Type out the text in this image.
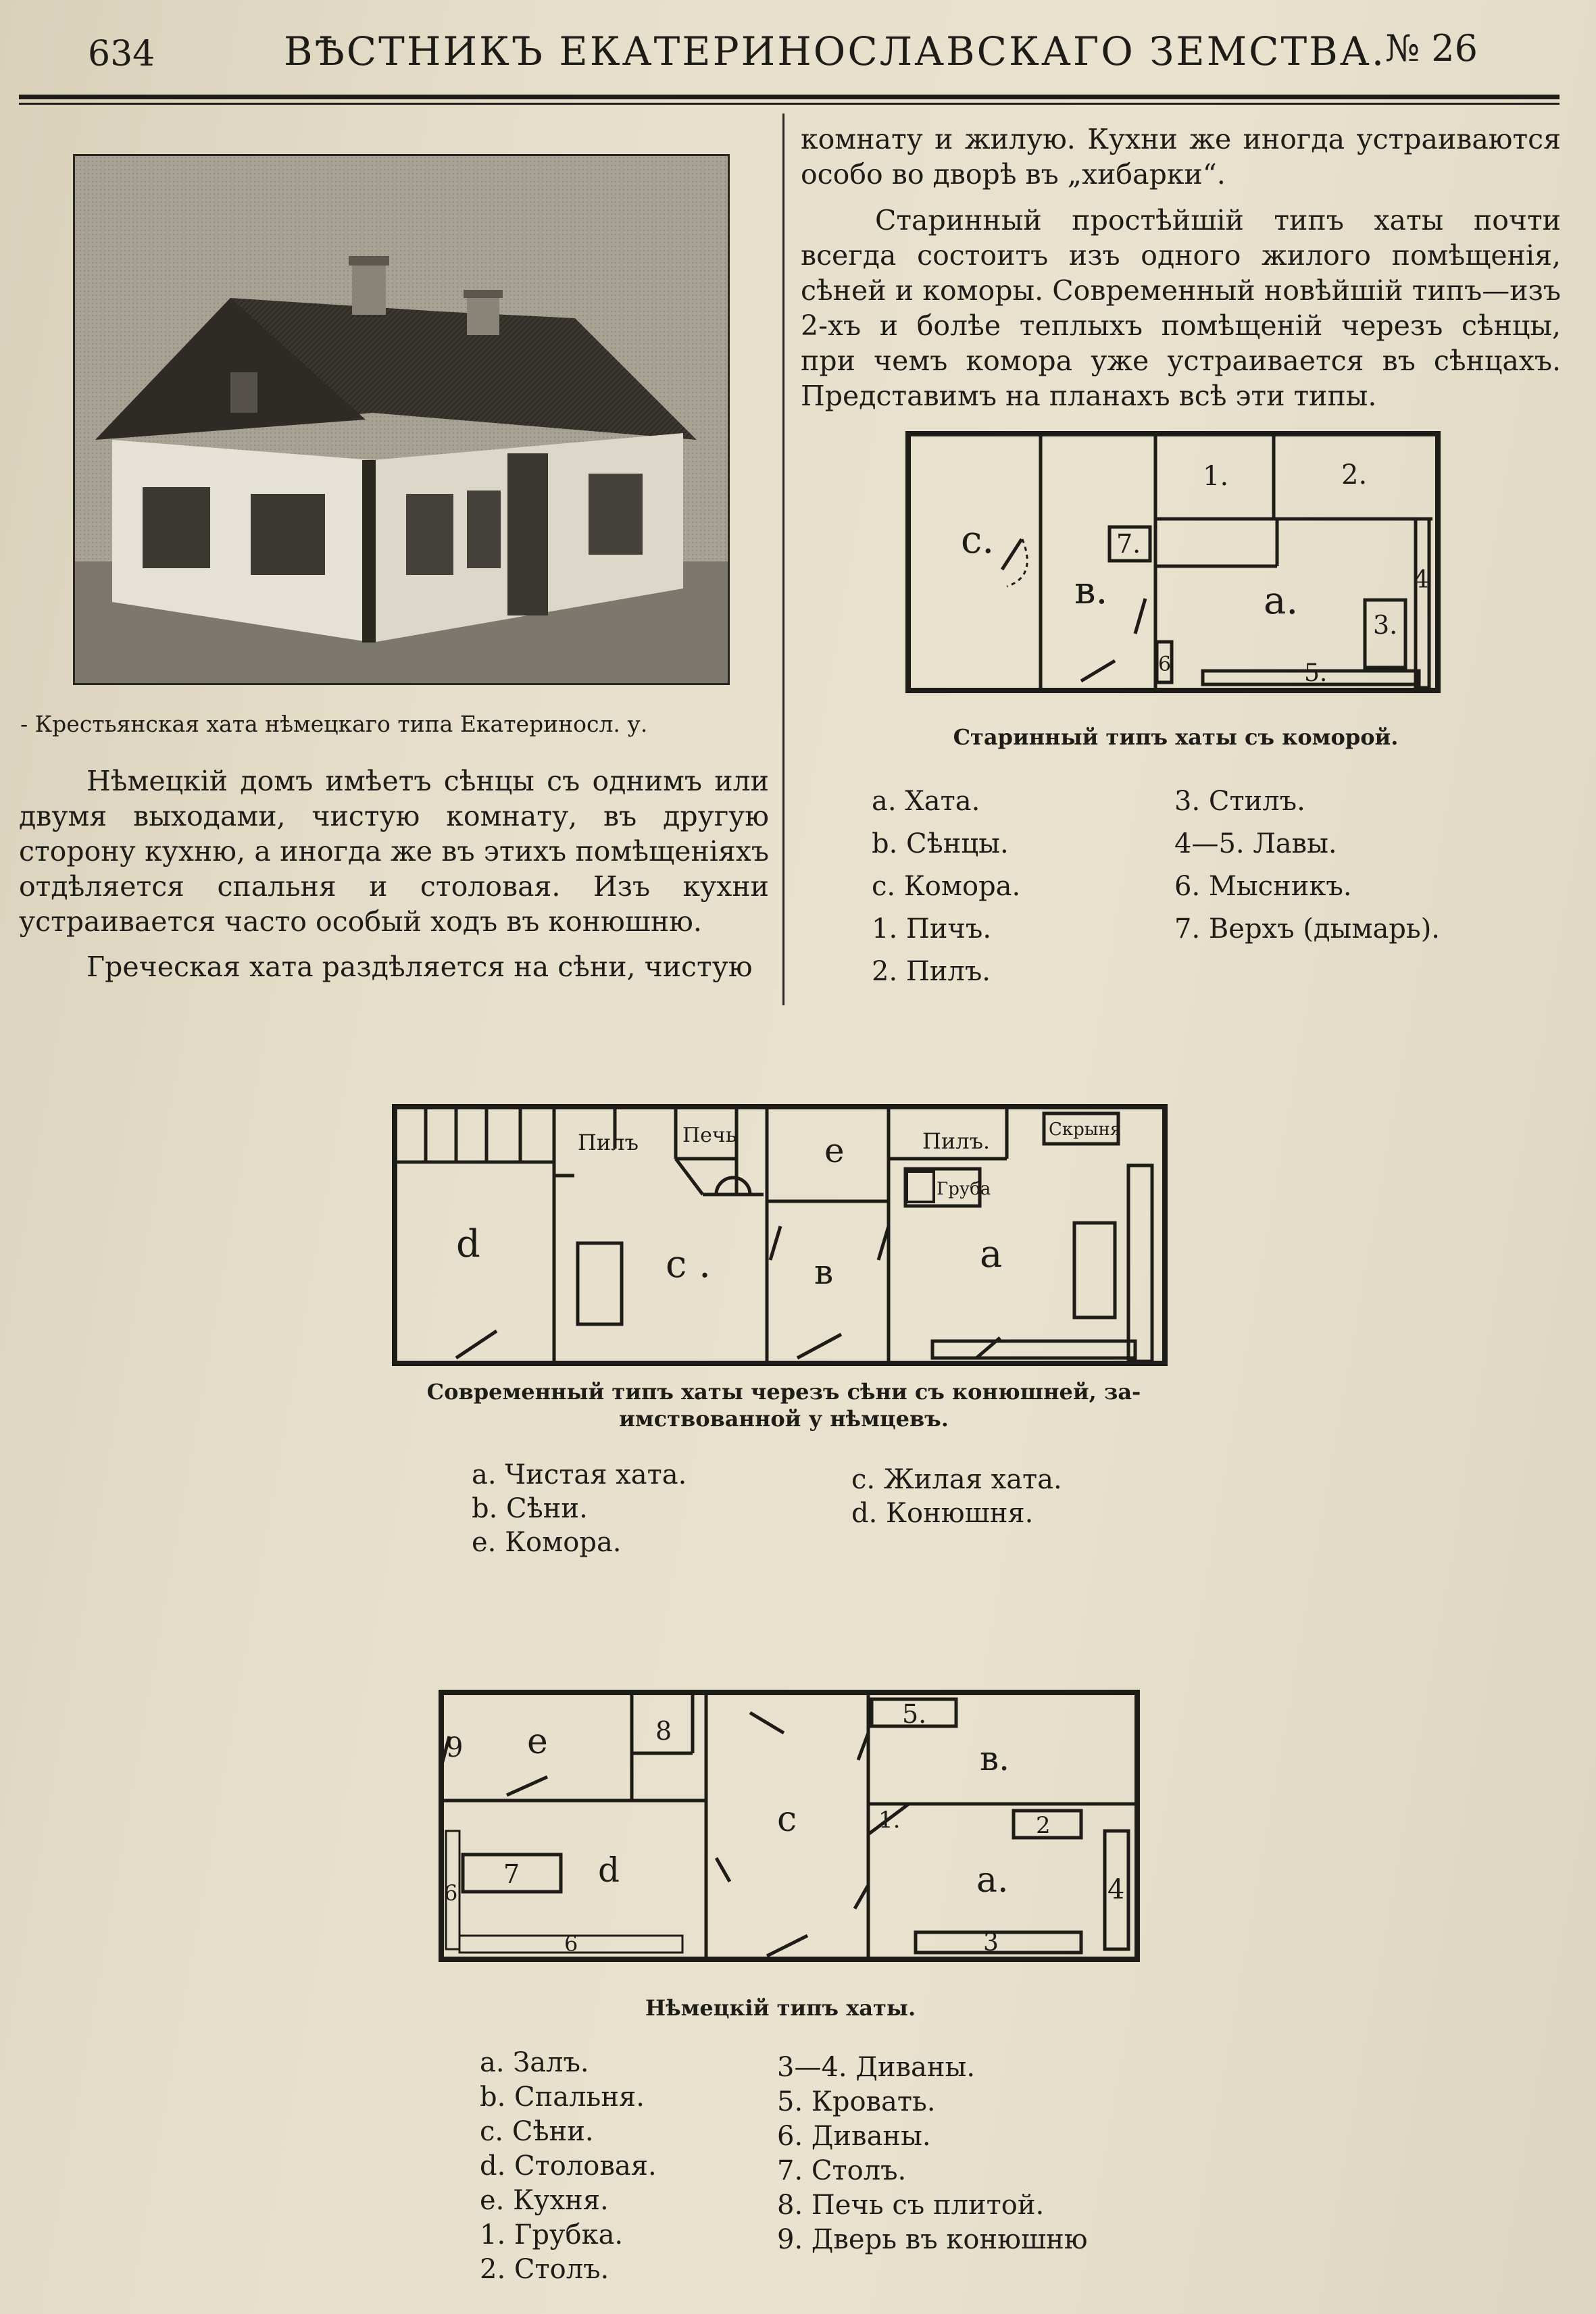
634	ВѢСТНИКЪ ЕКАТЕРИНОСЛАВСКАГО ЗЕМСТВА.
№ 26
- Крестьянская хата нѣмецкаго типа Екатериносл. у.
Нѣмецкій домъ имѣетъ сѣнцы съ однимъ или двумя выходами, чистую комнату, въ другую сторону кухню, а иногда же въ этихъ помѣщеніяхъ отдѣляется спальня и столовая. Изъ кухни устраивается часто особый ходъ въ конюшню.
Греческая хата раздѣляется на сѣни, чистую
комнату и жилую. Кухни же иногда устраиваются особо во дворѣ въ „хибарки“.
Старинный простѣйшій типъ хаты почти всегда состоитъ изъ одного жилого помѣщенія, сѣней и коморы. Современный новѣйшій типъ—изъ 2-хъ и болѣе теплыхъ помѣщеній черезъ сѣнцы, при чемъ комора уже устраивается въ сѣнцахъ. Представимъ на планахъ всѣ эти типы.
с.
в.	а.
1.	2.
3.
4
5.
6
7.
Старинный типъ хаты съ коморой.
a. Хата.
b. Сѣнцы.
c. Комора.
1. Пичъ.
2. Пилъ.
3. Стилъ.
4—5. Лавы.
6. Мысникъ.
7. Верхъ (дымарь).
d	c .	в	a
e
Пилъ Печь	Пилъ.	Скрыня
Груба
Современный типъ хаты черезъ сѣни съ конюшней, за-
имствованной у нѣмцевъ.
a. Чистая хата.
b. Сѣни.
e. Комора.
c. Жилая хата.
d. Конюшня.
9 e	8
c
5.
в.
1.	2
d
7
6
6
a.	4
3
Нѣмецкій типъ хаты.
a. Залъ.
b. Спальня.
c. Сѣни.
d. Столовая.
e. Кухня.
1. Грубка.
2. Столъ.
3—4. Диваны.
5. Кровать.
6. Диваны.
7. Столъ.
8. Печь съ плитой.
9. Дверь въ конюшню
